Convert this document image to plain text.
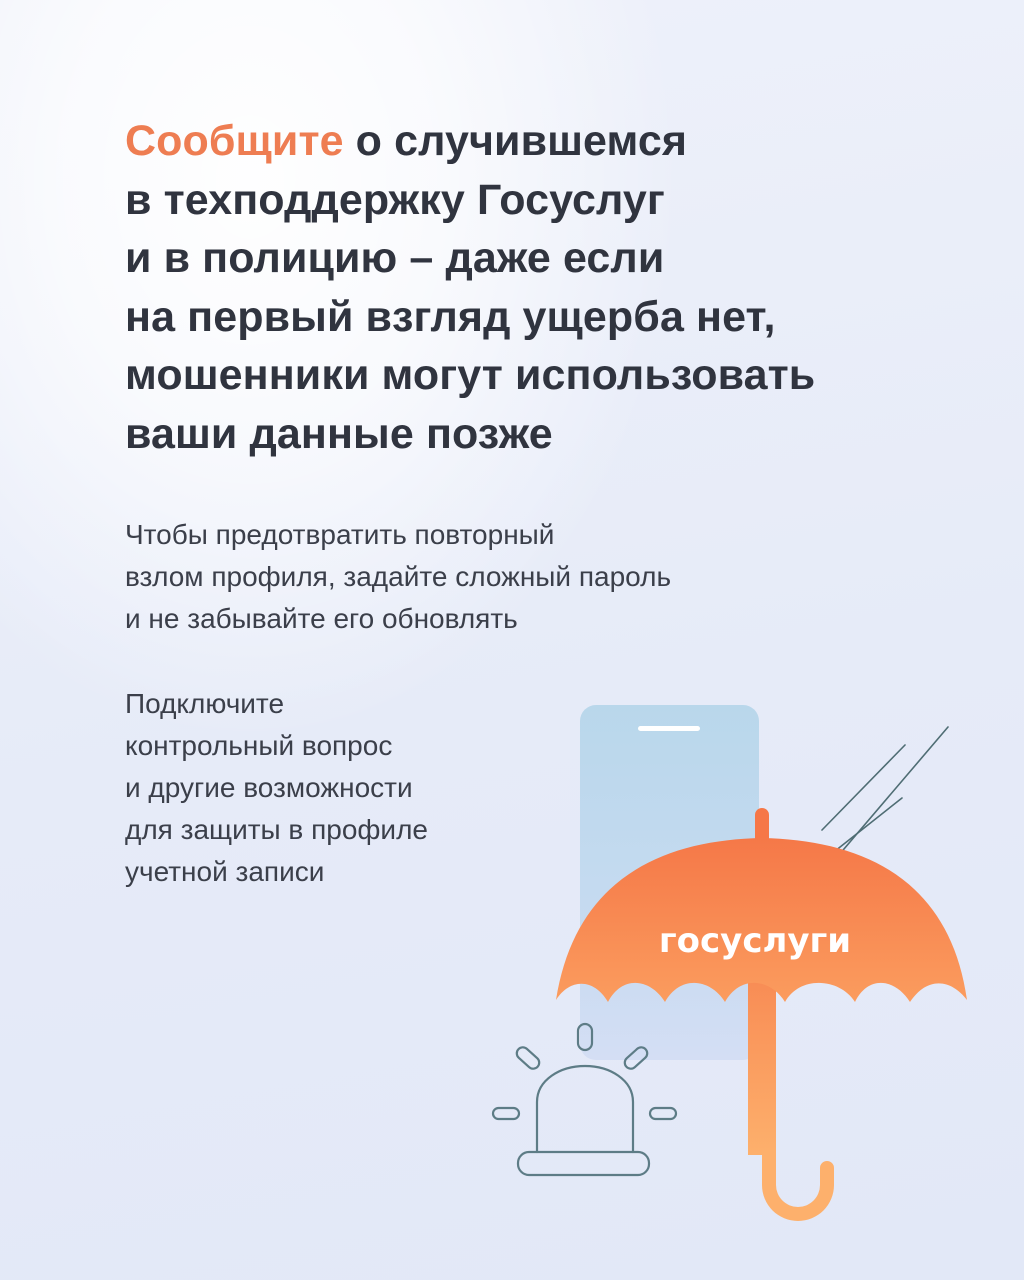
Сообщите о случившемся
в техподдержку Госуслуг
и в полицию – даже если
на первый взгляд ущерба нет,
мошенники могут использовать
ваши данные позже

Чтобы предотвратить повторный
взлом профиля, задайте сложный пароль
и не забывайте его обновлять

Подключите
контрольный вопрос
и другие возможности
для защиты в профиле
учетной записи

госуслуги
